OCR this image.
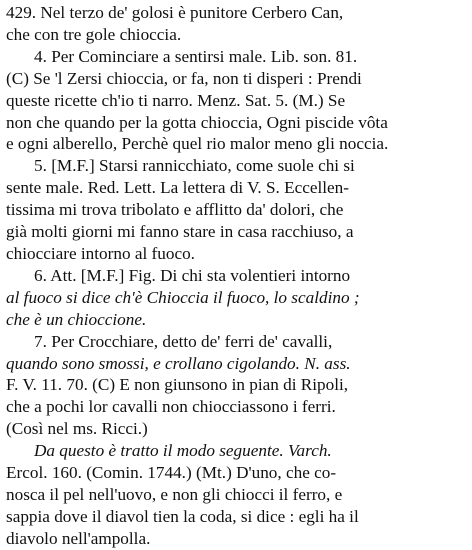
429. Nel terzo de' golosi è punitore Cerbero Can,
che con tre gole chioccia.
4. Per Cominciare a sentirsi male. Lib. son. 81.
(C) Se 'l Zersi chioccia, or fa, non ti disperi : Prendi
queste ricette ch'io ti narro. Menz. Sat. 5. (M.) Se
non che quando per la gotta chioccia, Ogni piscide vôta
e ogni alberello, Perchè quel rio malor meno gli noccia.
5. [M.F.] Starsi rannicchiato, come suole chi si
sente male. Red. Lett. La lettera di V. S. Eccellen-
tissima mi trova tribolato e afflitto da' dolori, che
già molti giorni mi fanno stare in casa racchiuso, a
chiocciare intorno al fuoco.
6. Att. [M.F.] Fig. Di chi sta volentieri intorno
al fuoco si dice ch'è Chioccia il fuoco, lo scaldino ;
che è un chioccione.
7. Per Crocchiare, detto de' ferri de' cavalli,
quando sono smossi, e crollano cigolando. N. ass.
F. V. 11. 70. (C) E non giunsono in pian di Ripoli,
che a pochi lor cavalli non chiocciassono i ferri.
(Così nel ms. Ricci.)
Da questo è tratto il modo seguente. Varch.
Ercol. 160. (Comin. 1744.) (Mt.) D'uno, che co-
nosca il pel nell'uovo, e non gli chiocci il ferro, e
sappia dove il diavol tien la coda, si dice : egli ha il
diavolo nell'ampolla.
